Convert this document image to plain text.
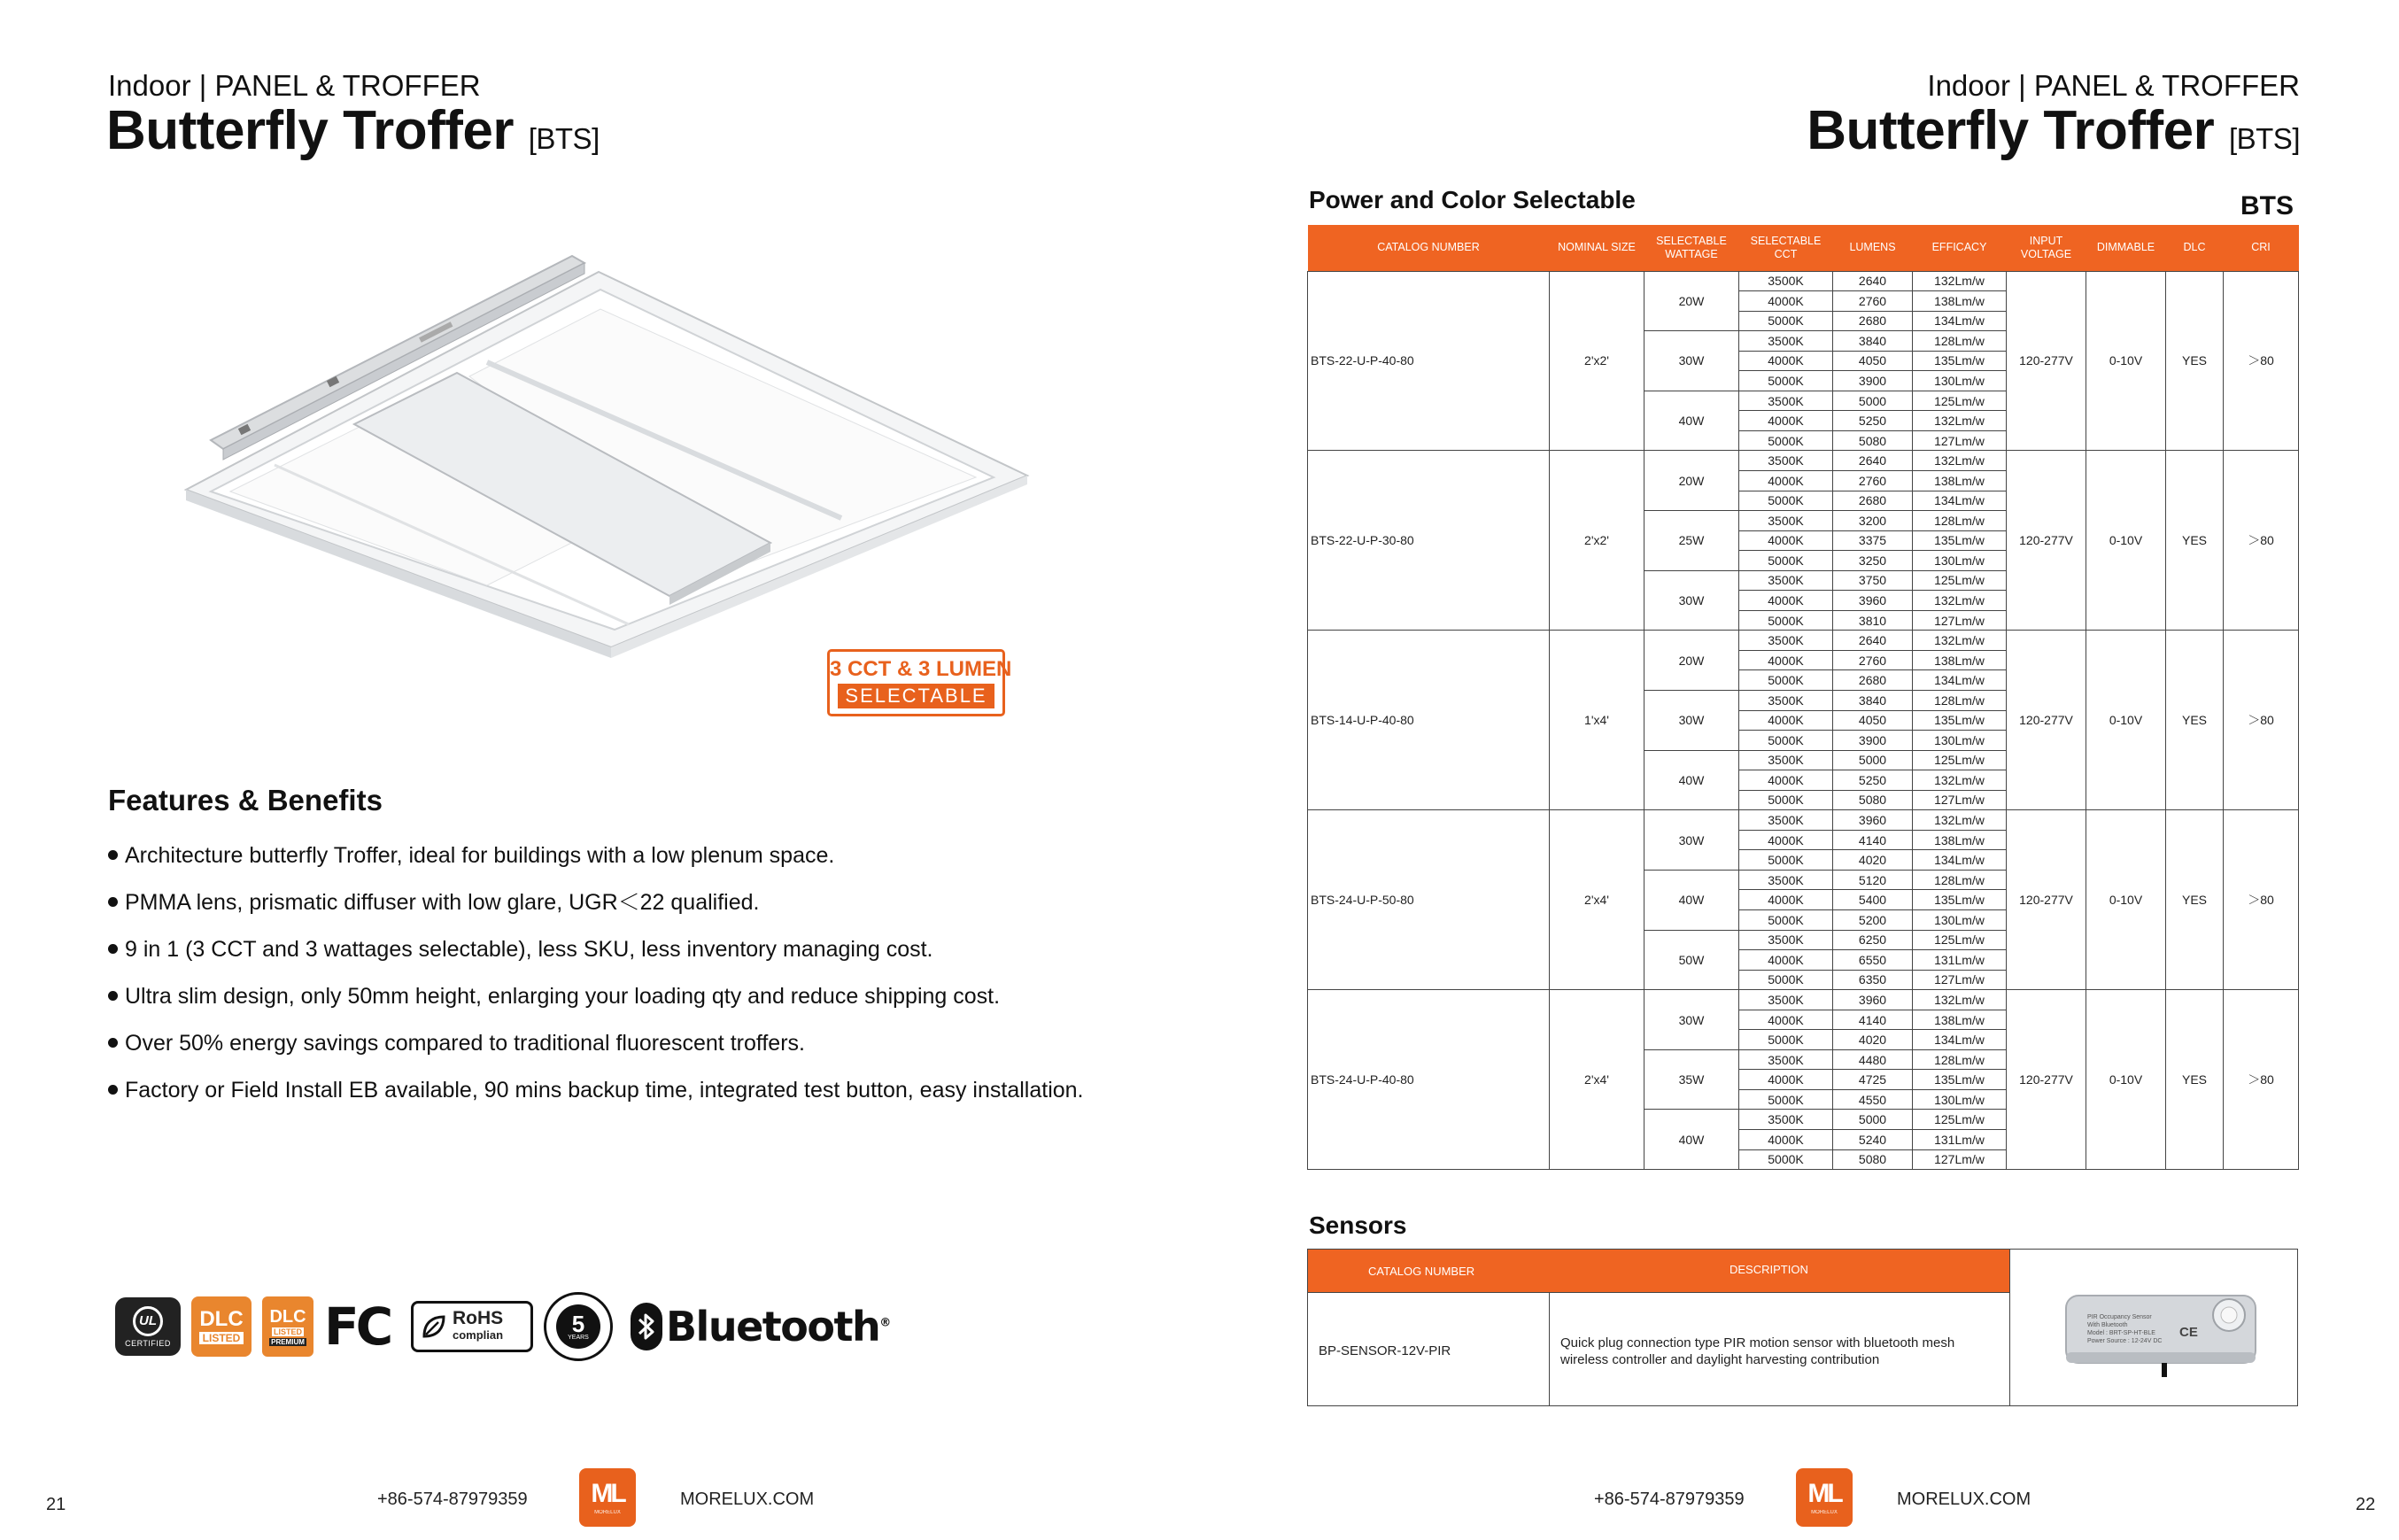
Indoor | PANEL & TROFFER
Butterfly Troffer [BTS]
3 CCT & 3 LUMEN
SELECTABLE
Features & Benefits
Architecture butterfly Troffer, ideal for buildings with a low plenum space.
PMMA lens, prismatic diffuser with low glare, UGR＜22 qualified.
9 in 1 (3 CCT and 3 wattages selectable), less SKU, less inventory managing cost.
Ultra slim design, only 50mm height, enlarging your loading qty and reduce shipping cost.
Over 50% energy savings compared to traditional fluorescent troffers.
Factory or Field Install EB available, 90 mins backup time, integrated test button, easy installation.
UL
CERTIFIED
DLC
LISTED
DLC
LISTED
PREMIUM FC	RoHS
complian	5
YEARS Bluetooth®
21	+86-574-87979359 ML
MORELUX
MORELUX.COM
Indoor | PANEL & TROFFER
Butterfly Troffer [BTS]
Power and Color Selectable	BTS
CATALOG NUMBER	NOMINAL SIZE	SELECTABLE WATTAGE	SELECTABLE CCT	LUMENS	EFFICACY	INPUT VOLTAGE	DIMMABLE	DLC	CRI
BTS-22-U-P-40-80	2'x2'	20W	3500K	2640	132Lm/w	120-277V	0-10V	YES	＞80
			4000K	2760	138Lm/w				
			5000K	2680	134Lm/w				
		30W	3500K	3840	128Lm/w				
			4000K	4050	135Lm/w				
			5000K	3900	130Lm/w				
		40W	3500K	5000	125Lm/w				
			4000K	5250	132Lm/w				
			5000K	5080	127Lm/w				
BTS-22-U-P-30-80	2'x2'	20W	3500K	2640	132Lm/w	120-277V	0-10V	YES	＞80
			4000K	2760	138Lm/w				
			5000K	2680	134Lm/w				
		25W	3500K	3200	128Lm/w				
			4000K	3375	135Lm/w				
			5000K	3250	130Lm/w				
		30W	3500K	3750	125Lm/w				
			4000K	3960	132Lm/w				
			5000K	3810	127Lm/w				
BTS-14-U-P-40-80	1'x4'	20W	3500K	2640	132Lm/w	120-277V	0-10V	YES	＞80
			4000K	2760	138Lm/w				
			5000K	2680	134Lm/w				
		30W	3500K	3840	128Lm/w				
			4000K	4050	135Lm/w				
			5000K	3900	130Lm/w				
		40W	3500K	5000	125Lm/w				
			4000K	5250	132Lm/w				
			5000K	5080	127Lm/w				
BTS-24-U-P-50-80	2'x4'	30W	3500K	3960	132Lm/w	120-277V	0-10V	YES	＞80
			4000K	4140	138Lm/w				
			5000K	4020	134Lm/w				
		40W	3500K	5120	128Lm/w				
			4000K	5400	135Lm/w				
			5000K	5200	130Lm/w				
		50W	3500K	6250	125Lm/w				
			4000K	6550	131Lm/w				
			5000K	6350	127Lm/w				
BTS-24-U-P-40-80	2'x4'	30W	3500K	3960	132Lm/w	120-277V	0-10V	YES	＞80
			4000K	4140	138Lm/w				
			5000K	4020	134Lm/w				
		35W	3500K	4480	128Lm/w				
			4000K	4725	135Lm/w				
			5000K	4550	130Lm/w				
		40W	3500K	5000	125Lm/w				
			4000K	5240	131Lm/w				
			5000K	5080	127Lm/w				
Sensors
CATALOG NUMBER	DESCRIPTION
BP-SENSOR-12V-PIR
Quick plug connection type PIR motion sensor with bluetooth mesh
wireless controller and daylight harvesting contribution
PIR Occupancy Sensor
With Bluetooth
Model : BRT-SP-HT-BLE
Power Source : 12-24V DC
CE
+86-574-87979359 ML
MORELUX
MORELUX.COM	22
